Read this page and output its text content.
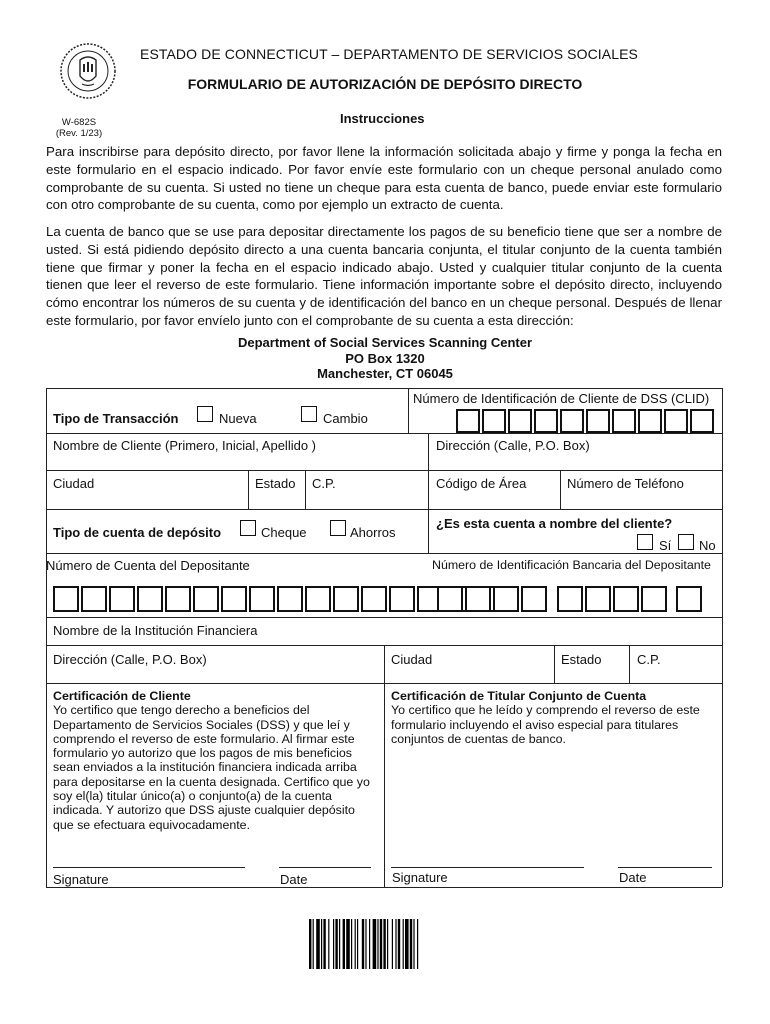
ESTADO DE CONNECTICUT – DEPARTAMENTO DE SERVICIOS SOCIALES
FORMULARIO DE AUTORIZACIÓN DE DEPÓSITO DIRECTO
W-682S
(Rev. 1/23)
Instrucciones
Para inscribirse para depósito directo, por favor llene la información solicitada abajo y firme y ponga la fecha en este formulario en el espacio indicado. Por favor envíe este formulario con un cheque personal anulado como comprobante de su cuenta. Si usted no tiene un cheque para esta cuenta de banco, puede enviar este formulario con otro comprobante de su cuenta, como por ejemplo un extracto de cuenta.
La cuenta de banco que se use para depositar directamente los pagos de su beneficio tiene que ser a nombre de usted. Si está pidiendo depósito directo a una cuenta bancaria conjunta, el titular conjunto de la cuenta también tiene que firmar y poner la fecha en el espacio indicado abajo. Usted y cualquier titular conjunto de la cuenta tienen que leer el reverso de este formulario. Tiene información importante sobre el depósito directo, incluyendo cómo encontrar los números de su cuenta y de identificación del banco en un cheque personal. Después de llenar este formulario, por favor envíelo junto con el comprobante de su cuenta a esta dirección:
Department of Social Services Scanning Center
PO Box 1320
Manchester, CT 06045
Tipo de Transacción	Nueva	Cambio
Número de Identificación de Cliente de DSS (CLID)
Nombre de Cliente (Primero, Inicial, Apellido )	Dirección (Calle, P.O. Box)
Ciudad	Estado C.P.	Código de Área	Número de Teléfono
Tipo de cuenta de depósito	Cheque	Ahorros
¿Es esta cuenta a nombre del cliente?
Sí No
Número de Cuenta del Depositante	Número de Identificación Bancaria del Depositante
Nombre de la Institución Financiera
Dirección (Calle, P.O. Box)	Ciudad	Estado	C.P.
Certificación de Cliente
Yo certifico que tengo derecho a beneficios del Departamento de Servicios Sociales (DSS) y que leí y comprendo el reverso de este formulario. Al firmar este formulario yo autorizo que los pagos de mis beneficios sean enviados a la institución financiera indicada arriba para depositarse en la cuenta designada. Certifico que yo soy el(la) titular único(a) o conjunto(a) de la cuenta indicada. Y autorizo que DSS ajuste cualquier depósito que se efectuara equivocadamente.
Certificación de Titular Conjunto de Cuenta
Yo certifico que he leído y comprendo el reverso de este formulario incluyendo el aviso especial para titulares conjuntos de cuentas de banco.
Signature	Date	Signature	Date
